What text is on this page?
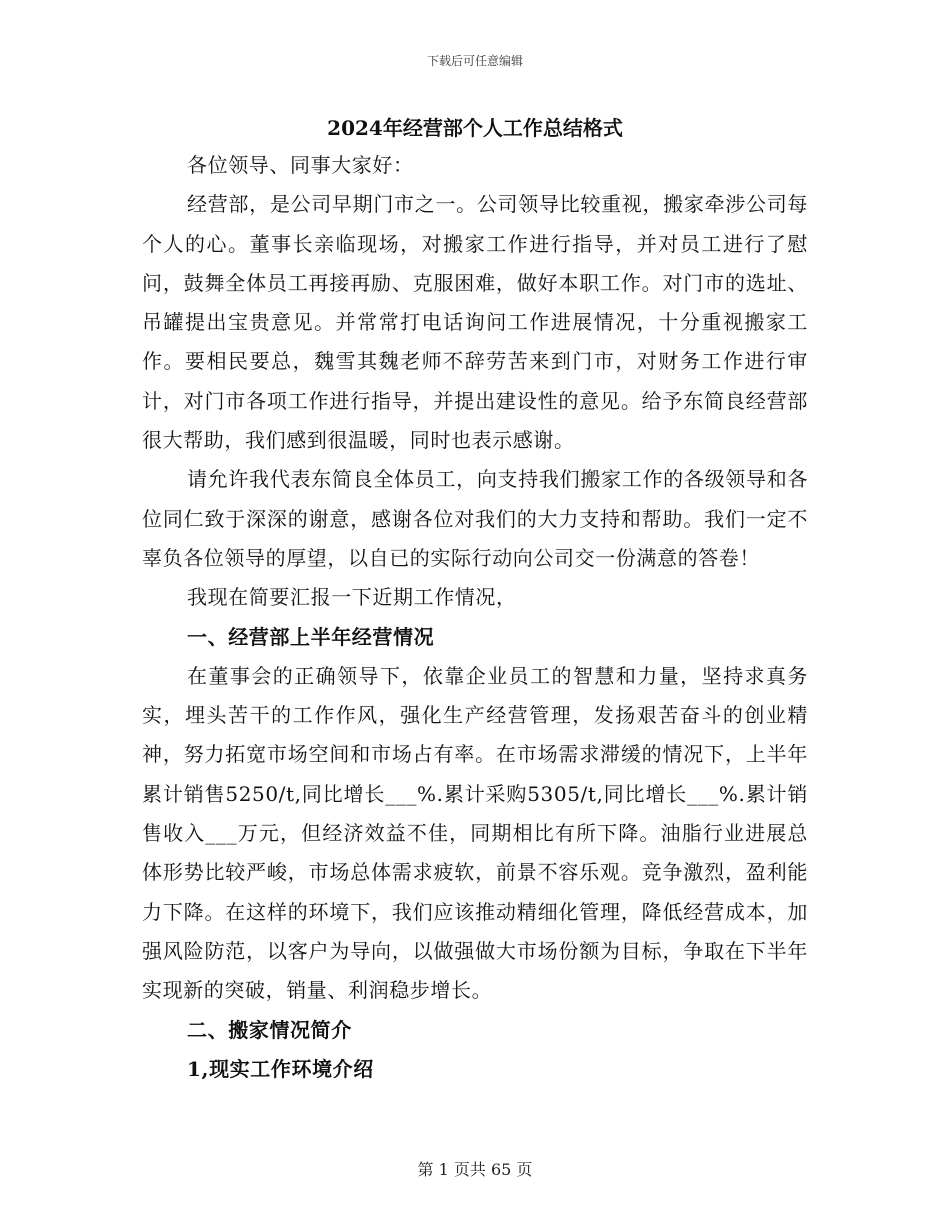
下载后可任意编辑

2024年经营部个人工作总结格式

各位领导、同事大家好：

经营部，是公司早期门市之一。公司领导比较重视，搬家牵涉公司每个人的心。董事长亲临现场，对搬家工作进行指导，并对员工进行了慰问，鼓舞全体员工再接再励、克服困难，做好本职工作。对门市的选址、吊罐提出宝贵意见。并常常打电话询问工作进展情况，十分重视搬家工作。要相民要总，魏雪其魏老师不辞劳苦来到门市，对财务工作进行审计，对门市各项工作进行指导，并提出建设性的意见。给予东简良经营部很大帮助，我们感到很温暖，同时也表示感谢。

请允许我代表东简良全体员工，向支持我们搬家工作的各级领导和各位同仁致于深深的谢意，感谢各位对我们的大力支持和帮助。我们一定不辜负各位领导的厚望，以自已的实际行动向公司交一份满意的答卷！

我现在简要汇报一下近期工作情况，

一、经营部上半年经营情况

在董事会的正确领导下，依靠企业员工的智慧和力量，坚持求真务实，埋头苦干的工作作风，强化生产经营管理，发扬艰苦奋斗的创业精神，努力拓宽市场空间和市场占有率。在市场需求滞缓的情况下，上半年累计销售5250/t,同比增长___%.累计采购5305/t,同比增长___%.累计销售收入___万元，但经济效益不佳，同期相比有所下降。油脂行业进展总体形势比较严峻，市场总体需求疲软，前景不容乐观。竞争激烈，盈利能力下降。在这样的环境下，我们应该推动精细化管理，降低经营成本，加强风险防范，以客户为导向，以做强做大市场份额为目标，争取在下半年实现新的突破，销量、利润稳步增长。

二、搬家情况简介

1,现实工作环境介绍

第 1 页共 65 页
